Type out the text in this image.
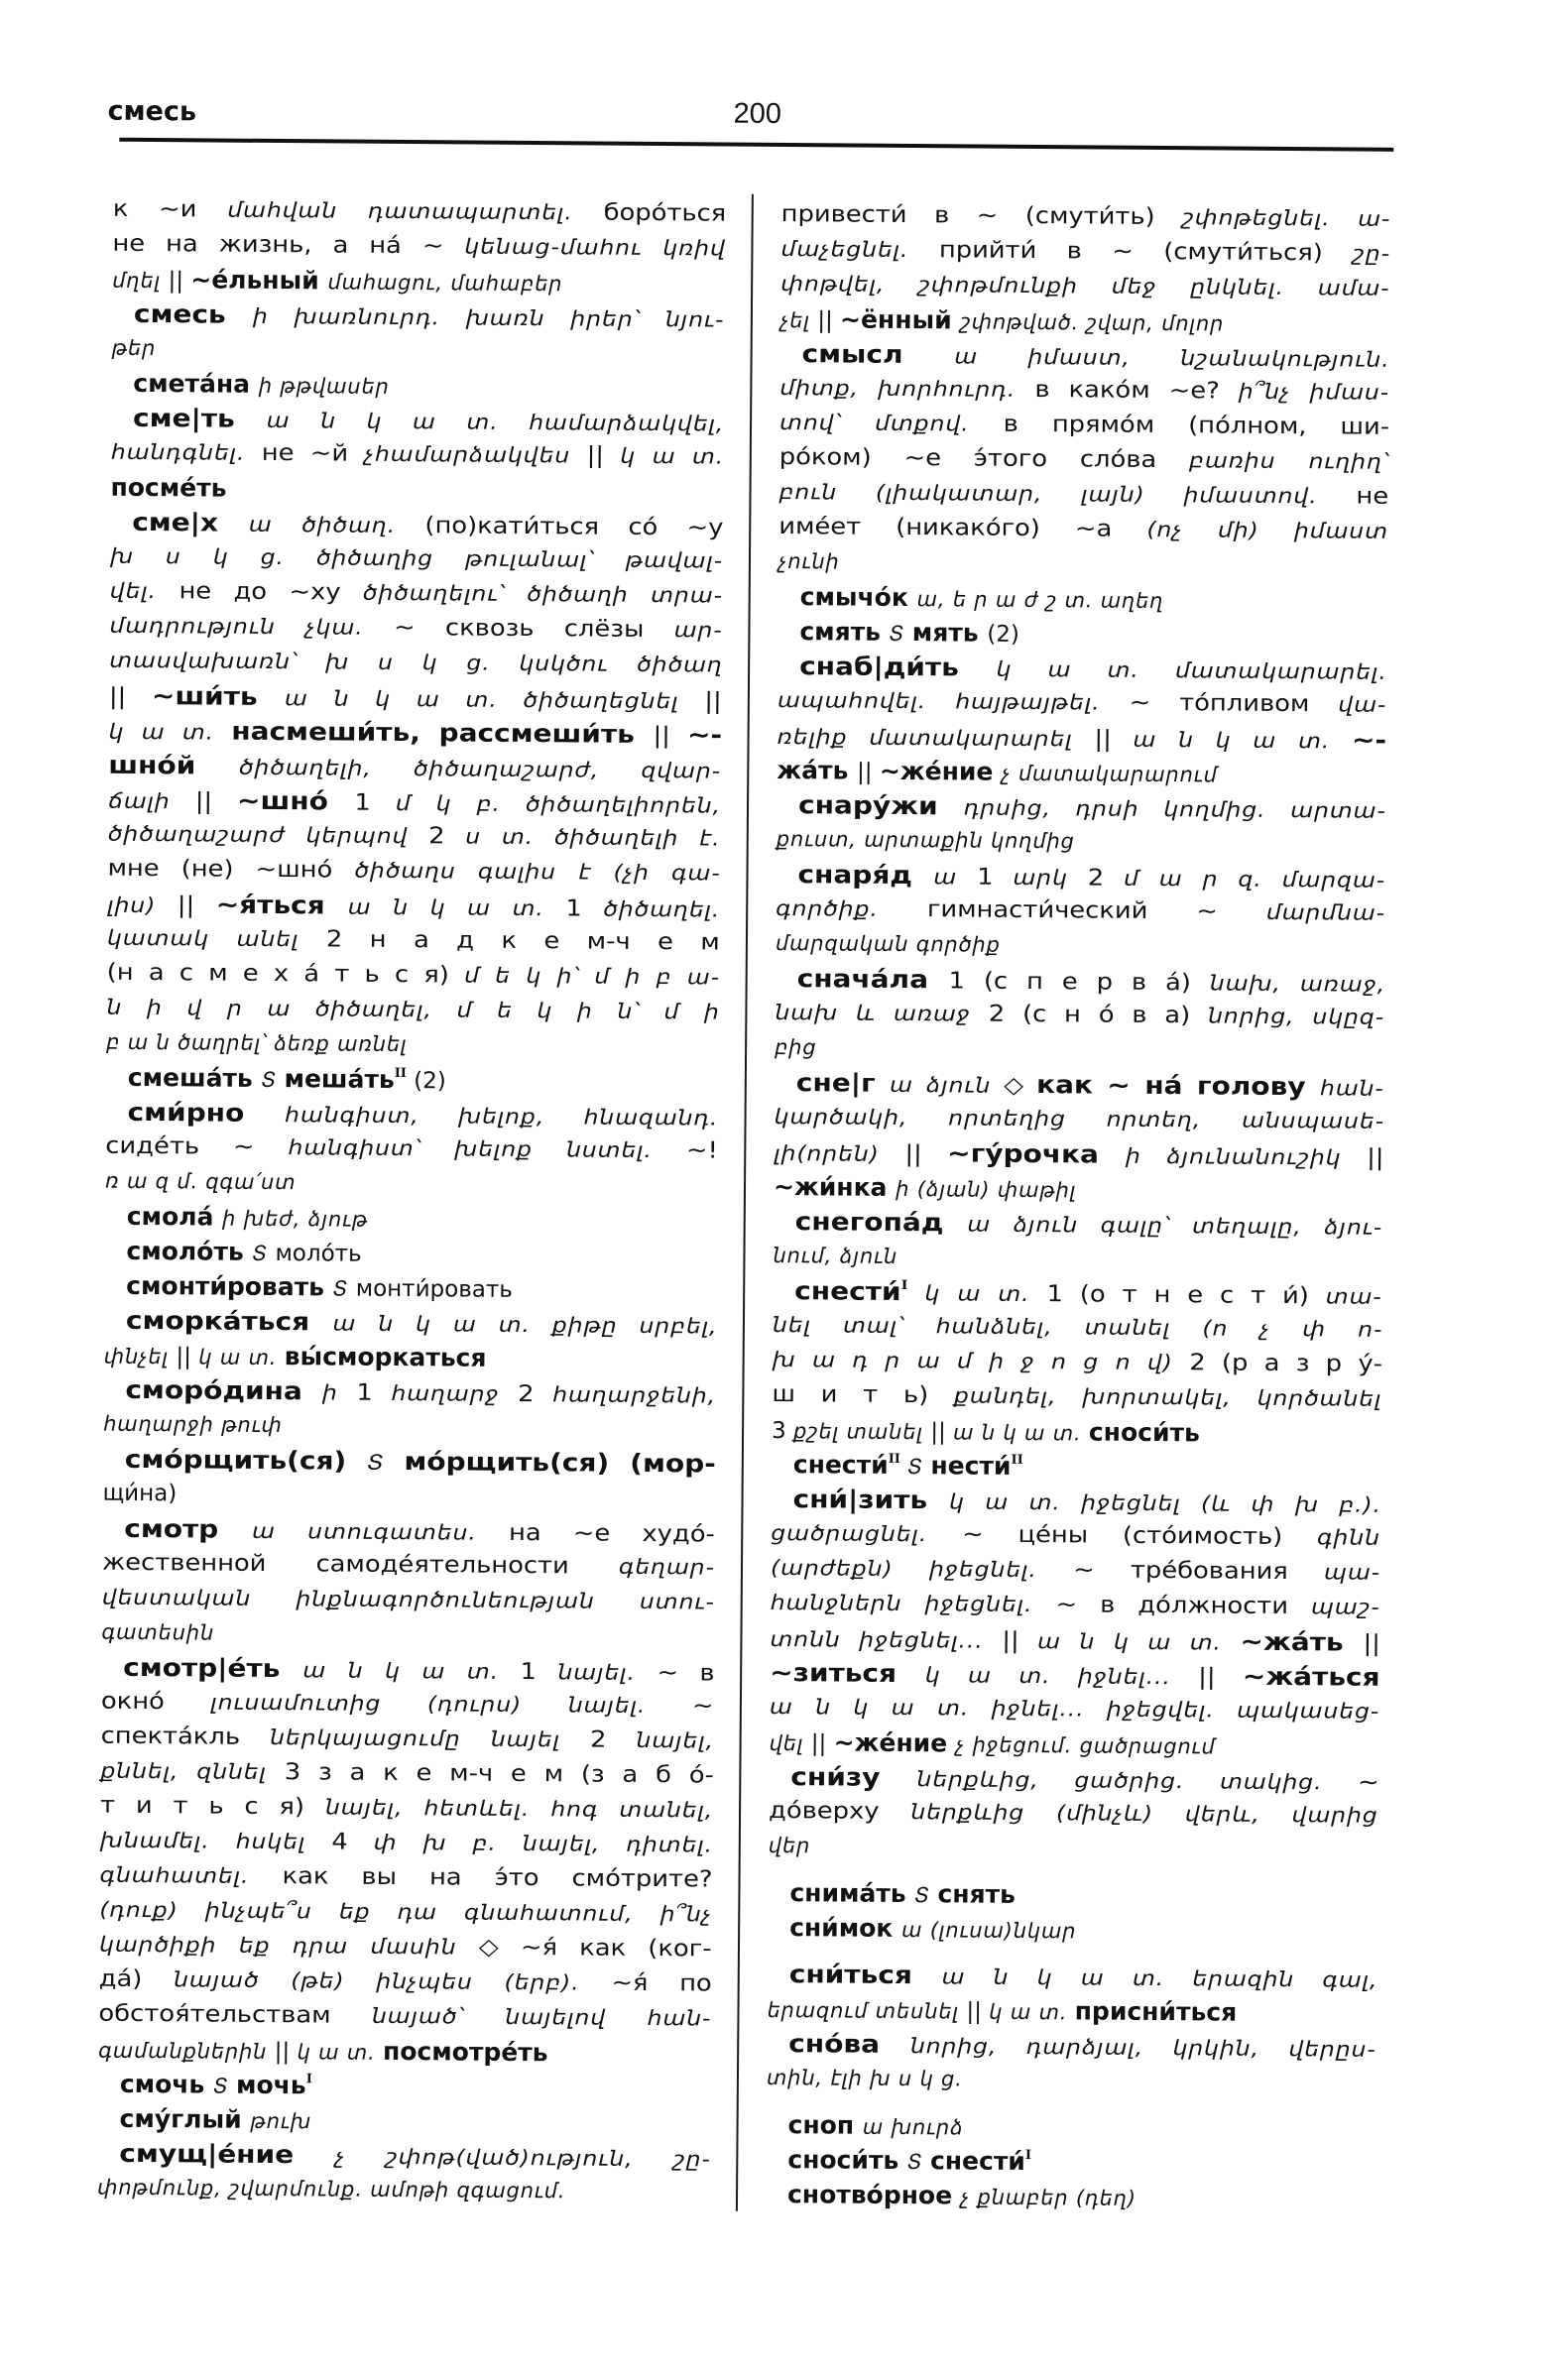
смесь	200
к ~и մահվան դատապարտել. боро́ться
не на жизнь, а на́ ~ կենաց-մահու կռիվ
մղել || ~е́льный մահացու, մահաբեր
смесь ի խառնուրդ. խառն իրեր՝ նյու-
թեր
смета́на ի թթվասեր
сме|ть ա ն կ ա տ. համարձակվել,
հանդգնել. не ~й չհամարձակվես || կ ա տ.
посме́ть
сме|х ա ծիծաղ. (по)кати́ться со́ ~у
խ ս կ ց. ծիծաղից թուլանալ՝ թավալ-
վել. не до ~ху ծիծաղելու՝ ծիծաղի տրա-
մադրություն չկա. ~ сквозь слёзы ար-
տասվախառն՝ խ ս կ ց. կսկծու ծիծաղ
|| ~ши́ть ա ն կ ա տ. ծիծաղեցնել ||
կ ա տ. насмеши́ть, рассмеши́ть || ~-
шно́й ծիծաղելի, ծիծաղաշարժ, զվար-
ճալի || ~шно́ 1 մ կ բ. ծիծաղելիորեն,
ծիծաղաշարժ կերպով 2 ս տ. ծիծաղելի է.
мне (не) ~шно́ ծիծաղս գալիս է (չի գա-
լիս) || ~я́ться ա ն կ ա տ. 1 ծիծաղել.
կատակ անել 2 н а д к е м-ч е м
(н а с м е х а́ т ь с я) մ ե կ ի՝ մ ի բ ա-
ն ի վ ր ա ծիծաղել, մ ե կ ի ն՝ մ ի
բ ա ն ծաղրել՝ ձեռք առնել
смеша́ть Տ $меша́ть^{II}$ (2)
сми́рно հանգիստ, խելոք, հնազանդ.
сиде́ть ~ հանգիստ՝ խելոք նստել. ~!
ռ ա զ մ. զգա՛ստ
смола́ ի խեժ, ձյութ
смоло́ть Տ моло́ть
смонти́ровать Տ монти́ровать
сморка́ться ա ն կ ա տ. քիթը սրբել,
փնչել || կ ա տ. вы́сморкаться
сморо́дина ի 1 հաղարջ 2 հաղարջենի,
հաղարջի թուփ
смо́рщить(ся) Տ мо́рщить(ся) (мор-
щи́на)
смотр ա ստուգատես. на ~е худо́-
жественной самоде́ятельности գեղար-
վեստական ինքնագործունեության ստու-
գատեսին
смотр|е́ть ա ն կ ա տ. 1 նայել. ~ в
окно́ լուսամուտից (դուրս) նայել. ~
спекта́кль ներկայացումը նայել 2 նայել,
քննել, զննել 3 з а к е м-ч е м (з а б о́-
т и т ь с я) նայել, հետևել. հոգ տանել,
խնամել. հսկել 4 փ խ բ. նայել, դիտել.
գնահատել. как вы на э́то смо́трите?
(դուք) ինչպե՞ս եք դա գնահատում, ի՞նչ
կարծիքի եք դրա մասին ◇ ~я́ как (ког-
да́) նայած (թե) ինչպես (երբ). ~я́ по
обстоя́тельствам նայած՝ նայելով հան-
գամանքներին || կ ա տ. посмотре́ть
смочь Տ мочь$^I$
сму́глый թուխ
смущ|е́ние չ շփոթ(ված)ություն, շը-
փոթմունք, շվարմունք. ամոթի զգացում.
привести́ в ~ (смути́ть) շփոթեցնել. ա-
մաչեցնել. прийти́ в ~ (смути́ться) շը-
փոթվել, շփոթմունքի մեջ ընկնել. ամա-
չել || ~ённый շփոթված. շվար, մոլոր
смысл ա իմաստ, նշանակություն.
միտք, խորհուրդ. в како́м ~е? ի՞նչ իմաս-
տով՝ մտքով. в прямо́м (по́лном, ши-
ро́ком) ~е э́того сло́ва բառիս ուղիղ՝
բուն (լիակատար, լայն) իմաստով. не
име́ет (никако́го) ~а (ոչ մի) իմաստ
չունի
смычо́к ա, ե ր ա ժ շ տ. աղեղ
смять Տ мять (2)
снаб|ди́ть կ ա տ. մատակարարել.
ապահովել. հայթայթել. ~ то́пливом վա-
ռելիք մատակարարել || ա ն կ ա տ. ~-
жа́ть || ~же́ние չ մատակարարում
снару́жи դրսից, դրսի կողմից. արտա-
քուստ, արտաքին կողմից
снаря́д ա 1 արկ 2 մ ա ր զ. մարզա-
գործիք. гимнасти́ческий ~ մարմնա-
մարզական գործիք
снача́ла 1 (с п е р в а́) նախ, առաջ,
նախ և առաջ 2 (с н о́ в а) նորից, սկըզ-
բից
сне|г ա ձյուն ◇ как ~ на́ голову հան-
կարծակի, որտեղից որտեղ, անսպասե-
լի(որեն) || ~гу́рочка ի ձյունանուշիկ ||
~жи́нка ի (ձյան) փաթիլ
снегопа́д ա ձյուն գալը՝ տեղալը, ձյու-
նում, ձյուն
снести́$^I$ կ ա տ. 1 (о т н е с т и́) տա-
նել տալ՝ հանձնել, տանել (ո չ փ ո-
խ ա դ ր ա մ ի ջ ո ց ո վ) 2 (р а з р у́-
ш и т ь) քանդել, խորտակել, կործանել
3 քշել տանել || ա ն կ ա տ. сноси́ть
снести́$^{II}$ Տ нести́$^{II}$
сни́|зить կ ա տ. իջեցնել (և փ խ բ.).
ցածրացնել. ~ це́ны (сто́имость) գինն
(արժեքն) իջեցնել. ~ тре́бования պա-
հանջներն իջեցնել. ~ в до́лжности պաշ-
տոնն իջեցնել... || ա ն կ ա տ. ~жа́ть ||
~зиться կ ա տ. իջնել... || ~жа́ться
ա ն կ ա տ. իջնել... իջեցվել. պակասեց-
վել || ~же́ние չ իջեցում. ցածրացում
сни́зу ներքևից, ցածրից. տակից. ~
до́верху ներքևից (մինչև) վերև, վարից
վեր
снима́ть Տ снять
сни́мок ա (լուսա)նկար
сни́ться ա ն կ ա տ. երազին գալ,
երազում տեսնել || կ ա տ. присни́ться
сно́ва նորից, դարձյալ, կրկին, վերըս-
տին, էլի խ ս կ ց.
сноп ա խուրձ
сноси́ть Տ снести́$^I$
снотво́рное չ քնաբեր (դեղ)
